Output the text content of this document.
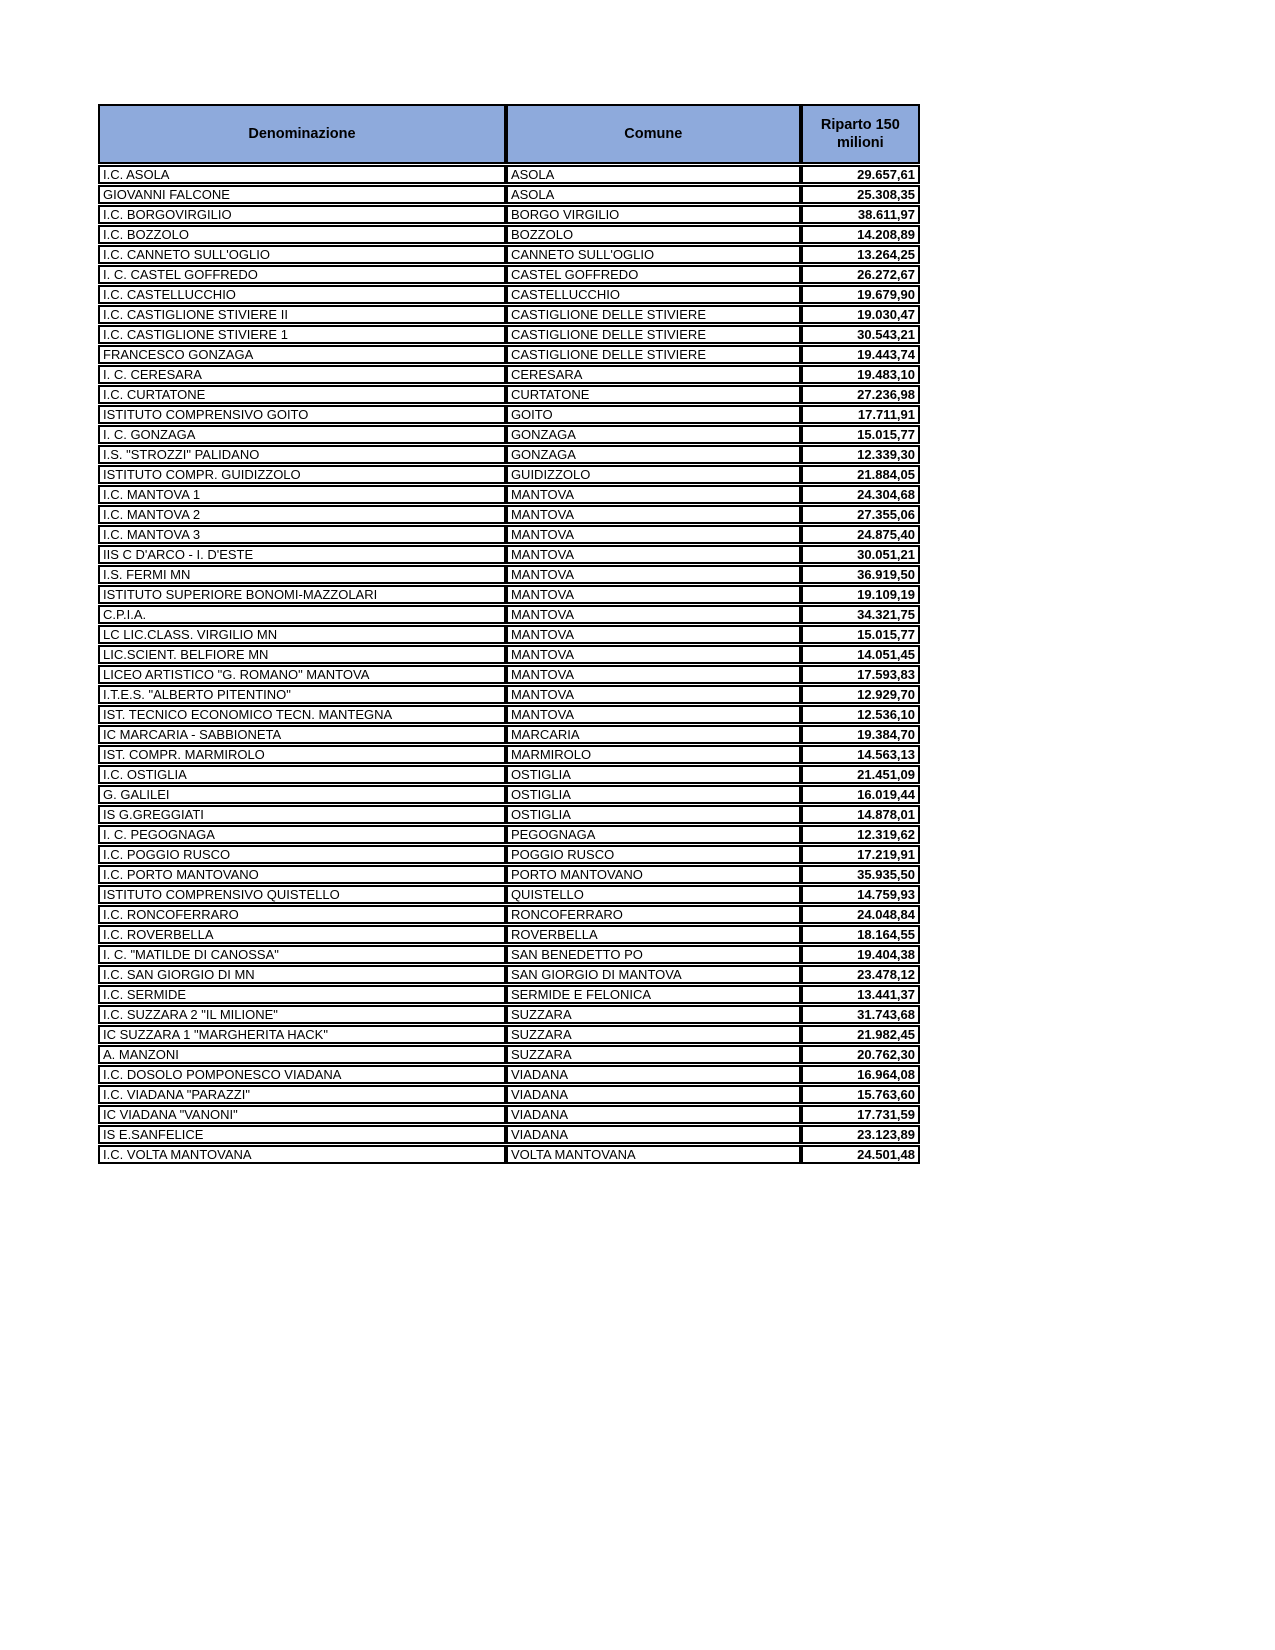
Denominazione	Comune	Riparto 150 milioni
I.C. ASOLA	ASOLA	29.657,61
GIOVANNI FALCONE	ASOLA	25.308,35
I.C. BORGOVIRGILIO	BORGO VIRGILIO	38.611,97
I.C. BOZZOLO	BOZZOLO	14.208,89
I.C. CANNETO SULL'OGLIO	CANNETO SULL'OGLIO	13.264,25
I. C. CASTEL GOFFREDO	CASTEL GOFFREDO	26.272,67
I.C. CASTELLUCCHIO	CASTELLUCCHIO	19.679,90
I.C. CASTIGLIONE STIVIERE II	CASTIGLIONE DELLE STIVIERE	19.030,47
I.C. CASTIGLIONE STIVIERE 1	CASTIGLIONE DELLE STIVIERE	30.543,21
FRANCESCO GONZAGA	CASTIGLIONE DELLE STIVIERE	19.443,74
I. C. CERESARA	CERESARA	19.483,10
I.C. CURTATONE	CURTATONE	27.236,98
ISTITUTO COMPRENSIVO GOITO	GOITO	17.711,91
I. C. GONZAGA	GONZAGA	15.015,77
I.S. "STROZZI" PALIDANO	GONZAGA	12.339,30
ISTITUTO COMPR. GUIDIZZOLO	GUIDIZZOLO	21.884,05
I.C. MANTOVA 1	MANTOVA	24.304,68
I.C. MANTOVA 2	MANTOVA	27.355,06
I.C. MANTOVA 3	MANTOVA	24.875,40
IIS C D'ARCO - I. D'ESTE	MANTOVA	30.051,21
I.S. FERMI MN	MANTOVA	36.919,50
ISTITUTO SUPERIORE BONOMI-MAZZOLARI	MANTOVA	19.109,19
C.P.I.A.	MANTOVA	34.321,75
LC LIC.CLASS. VIRGILIO MN	MANTOVA	15.015,77
LIC.SCIENT. BELFIORE MN	MANTOVA	14.051,45
LICEO ARTISTICO "G. ROMANO" MANTOVA	MANTOVA	17.593,83
I.T.E.S. "ALBERTO PITENTINO"	MANTOVA	12.929,70
IST. TECNICO ECONOMICO TECN. MANTEGNA	MANTOVA	12.536,10
IC MARCARIA - SABBIONETA	MARCARIA	19.384,70
IST. COMPR. MARMIROLO	MARMIROLO	14.563,13
I.C. OSTIGLIA	OSTIGLIA	21.451,09
G. GALILEI	OSTIGLIA	16.019,44
IS G.GREGGIATI	OSTIGLIA	14.878,01
I. C. PEGOGNAGA	PEGOGNAGA	12.319,62
I.C. POGGIO RUSCO	POGGIO RUSCO	17.219,91
I.C. PORTO MANTOVANO	PORTO MANTOVANO	35.935,50
ISTITUTO COMPRENSIVO QUISTELLO	QUISTELLO	14.759,93
I.C. RONCOFERRARO	RONCOFERRARO	24.048,84
I.C. ROVERBELLA	ROVERBELLA	18.164,55
I. C. "MATILDE DI CANOSSA"	SAN BENEDETTO PO	19.404,38
I.C. SAN GIORGIO DI MN	SAN GIORGIO DI MANTOVA	23.478,12
I.C. SERMIDE	SERMIDE E FELONICA	13.441,37
I.C. SUZZARA 2 "IL MILIONE"	SUZZARA	31.743,68
IC SUZZARA 1 "MARGHERITA HACK"	SUZZARA	21.982,45
A. MANZONI	SUZZARA	20.762,30
I.C. DOSOLO POMPONESCO VIADANA	VIADANA	16.964,08
I.C. VIADANA "PARAZZI"	VIADANA	15.763,60
IC VIADANA "VANONI"	VIADANA	17.731,59
IS E.SANFELICE	VIADANA	23.123,89
I.C. VOLTA MANTOVANA	VOLTA MANTOVANA	24.501,48
